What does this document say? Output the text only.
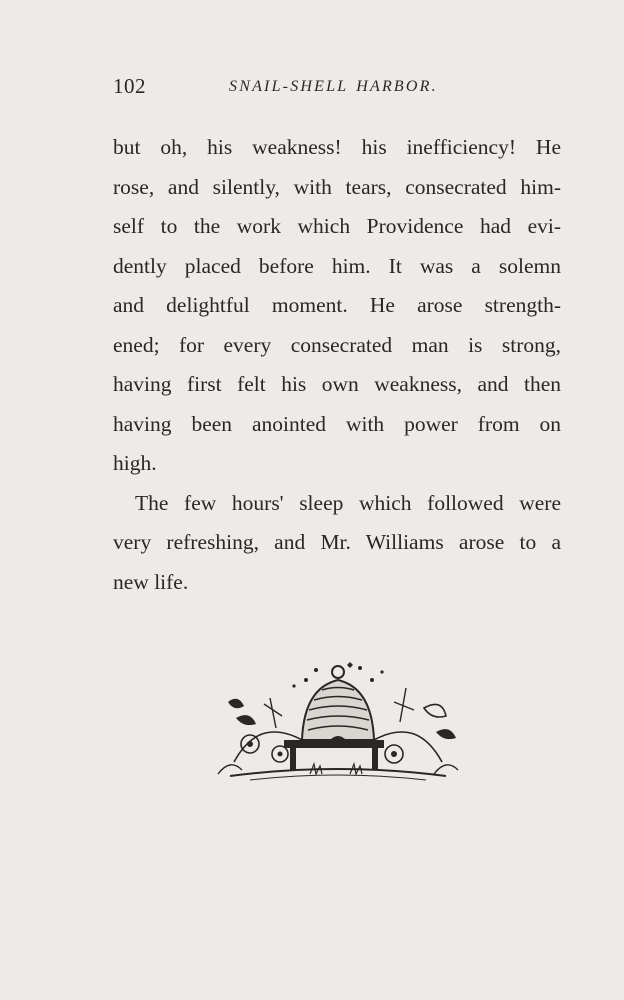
102	SNAIL-SHELL HARBOR.
but oh, his weakness! his inefficiency! He
rose, and silently, with tears, consecrated him-
self to the work which Providence had evi-
dently placed before him. It was a solemn
and delightful moment. He arose strength-
ened; for every consecrated man is strong,
having first felt his own weakness, and then
having been anointed with power from on
high.
The few hours' sleep which followed were
very refreshing, and Mr. Williams arose to a
new life.
